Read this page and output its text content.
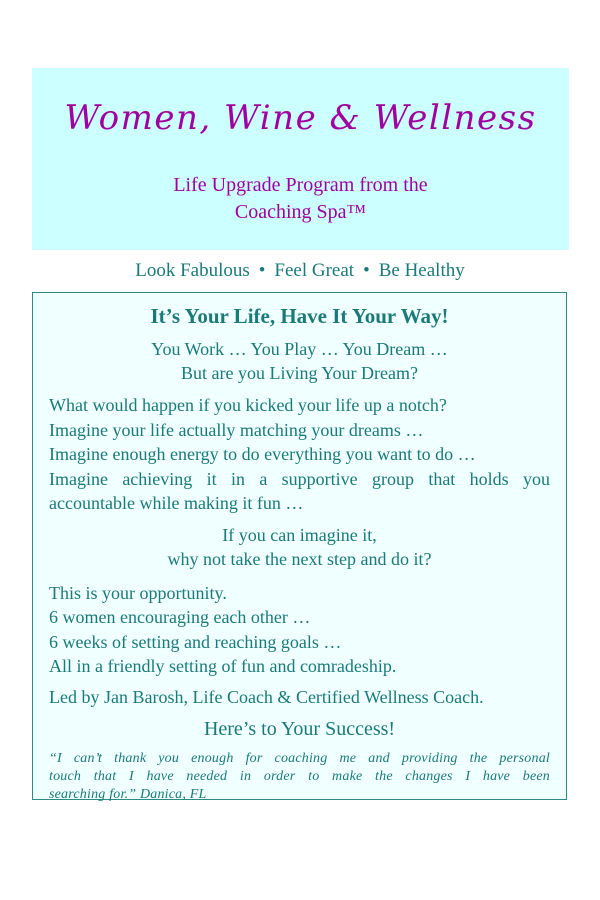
Women, Wine & Wellness
Life Upgrade Program from the
Coaching Spa™
Look Fabulous • Feel Great • Be Healthy
It’s Your Life, Have It Your Way!
You Work … You Play … You Dream …
But are you Living Your Dream?
What would happen if you kicked your life up a notch?
Imagine your life actually matching your dreams …
Imagine enough energy to do everything you want to do …
Imagine achieving it in a supportive group that holds you
accountable while making it fun …
If you can imagine it,
why not take the next step and do it?
This is your opportunity.
6 women encouraging each other …
6 weeks of setting and reaching goals …
All in a friendly setting of fun and comradeship.
Led by Jan Barosh, Life Coach & Certified Wellness Coach.
Here’s to Your Success!
“I can’t thank you enough for coaching me and providing the personal
touch that I have needed in order to make the changes I have been
searching for.” Danica, FL
